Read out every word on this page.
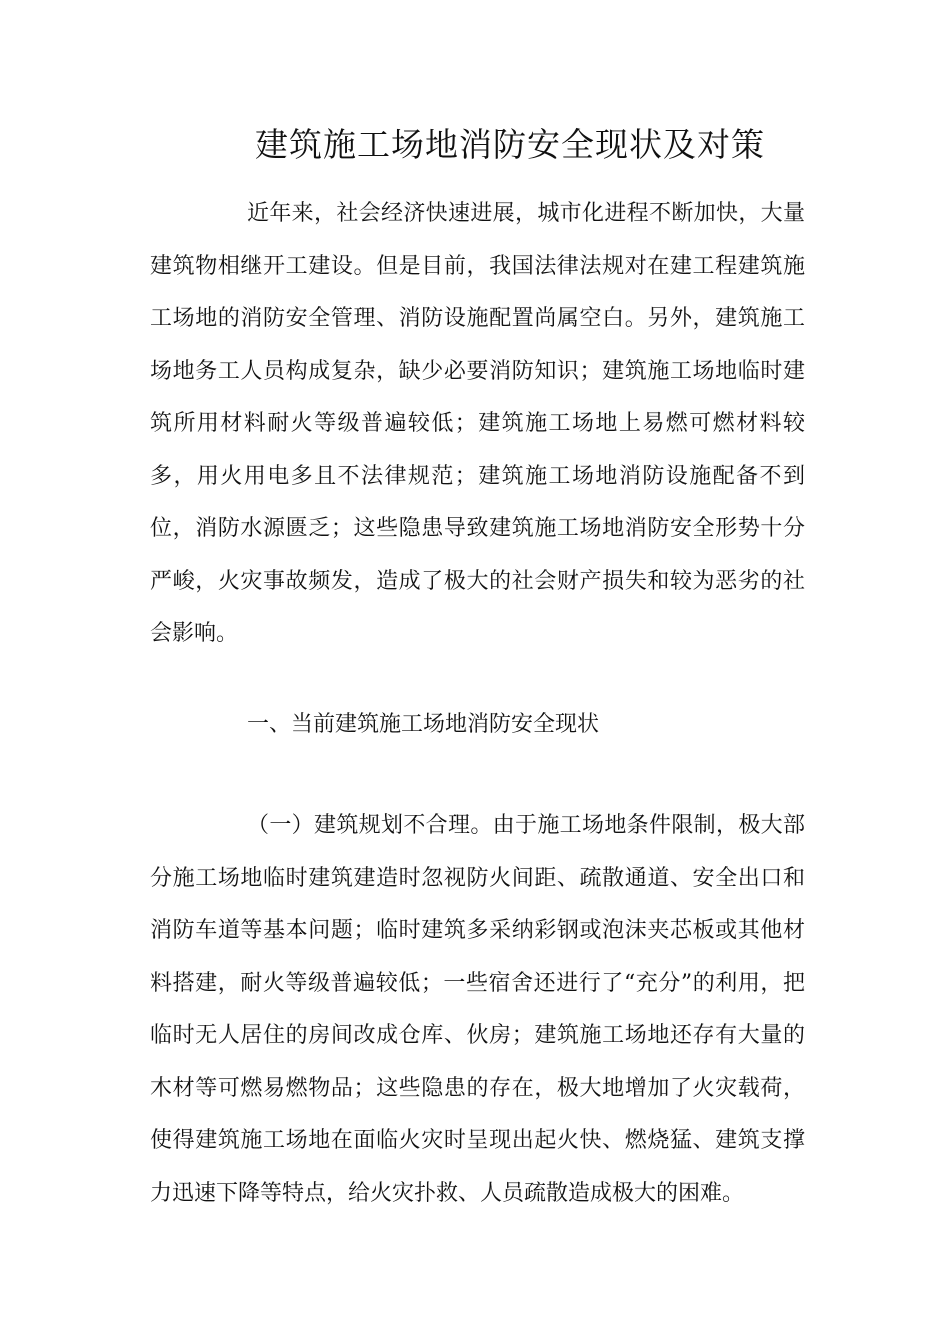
建筑施工场地消防安全现状及对策

近年来，社会经济快速进展，城市化进程不断加快，大量建筑物相继开工建设。但是目前，我国法律法规对在建工程建筑施工场地的消防安全管理、消防设施配置尚属空白。另外，建筑施工场地务工人员构成复杂，缺少必要消防知识；建筑施工场地临时建筑所用材料耐火等级普遍较低；建筑施工场地上易燃可燃材料较多，用火用电多且不法律规范；建筑施工场地消防设施配备不到位，消防水源匮乏；这些隐患导致建筑施工场地消防安全形势十分严峻，火灾事故频发，造成了极大的社会财产损失和较为恶劣的社会影响。

一、当前建筑施工场地消防安全现状

（一）建筑规划不合理。由于施工场地条件限制，极大部分施工场地临时建筑建造时忽视防火间距、疏散通道、安全出口和消防车道等基本问题；临时建筑多采纳彩钢或泡沫夹芯板或其他材料搭建，耐火等级普遍较低；一些宿舍还进行了“充分”的利用，把临时无人居住的房间改成仓库、伙房；建筑施工场地还存有大量的木材等可燃易燃物品；这些隐患的存在，极大地增加了火灾载荷，使得建筑施工场地在面临火灾时呈现出起火快、燃烧猛、建筑支撑力迅速下降等特点，给火灾扑救、人员疏散造成极大的困难。
